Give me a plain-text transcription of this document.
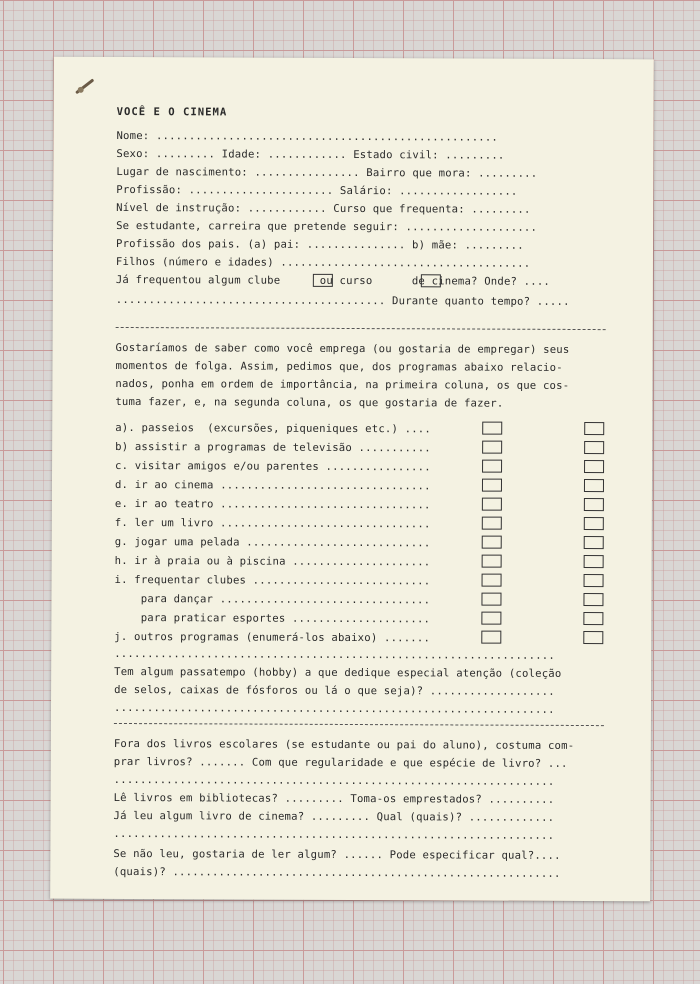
VOCÊ E O CINEMA
Nome: ....................................................
Sexo: ......... Idade: ............ Estado civil: .........
Lugar de nascimento: ................ Bairro que mora: .........
Profissão: ...................... Salário: ..................
Nível de instrução: ............ Curso que frequenta: .........
Se estudante, carreira que pretende seguir: ....................
Profissão dos pais. (a) pai: ............... b) mãe: .........
Filhos (número e idades) ......................................
Já frequentou algum clube      ou curso      de cinema? Onde? ....
......................................... Durante quanto tempo? .....
Gostaríamos de saber como você emprega (ou gostaria de empregar) seus
momentos de folga. Assim, pedimos que, dos programas abaixo relacio-
nados, ponha em ordem de importância, na primeira coluna, os que cos-
tuma fazer, e, na segunda coluna, os que gostaria de fazer.
a). passeios  (excursões, piqueniques etc.) ....
b) assistir a programas de televisão ...........
c. visitar amigos e/ou parentes ................
d. ir ao cinema ................................
e. ir ao teatro ................................
f. ler um livro ................................
g. jogar uma pelada ............................
h. ir à praia ou à piscina .....................
i. frequentar clubes ...........................
para dançar ................................
para praticar esportes .....................
j. outros programas (enumerá-los abaixo) .......
...................................................................
Tem algum passatempo (hobby) a que dedique especial atenção (coleção
de selos, caixas de fósforos ou lá o que seja)? ...................
...................................................................
Fora dos livros escolares (se estudante ou pai do aluno), costuma com-
prar livros? ....... Com que regularidade e que espécie de livro? ...
...................................................................
Lê livros em bibliotecas? ......... Toma-os emprestados? ..........
Já leu algum livro de cinema? ......... Qual (quais)? .............
...................................................................
Se não leu, gostaria de ler algum? ...... Pode especificar qual?....
(quais)? ...........................................................
